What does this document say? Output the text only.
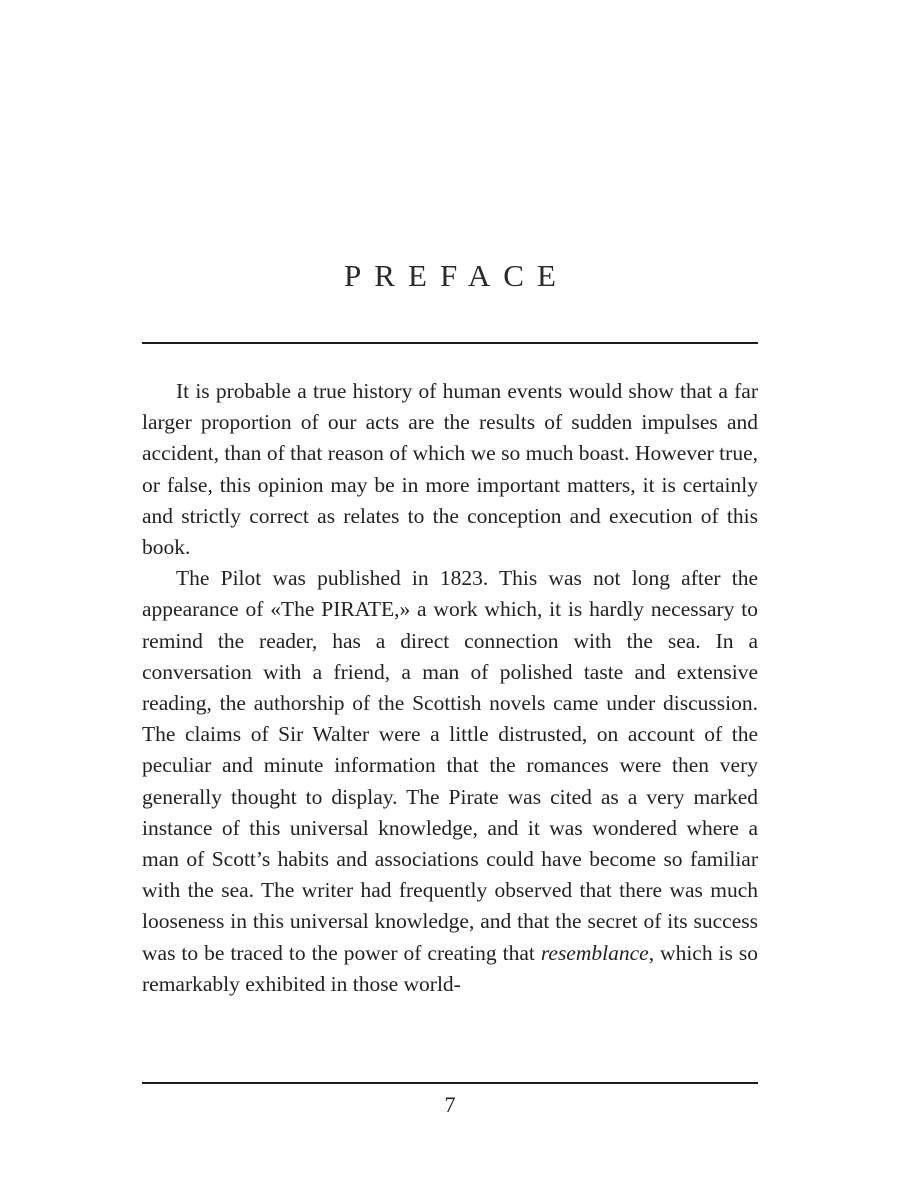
PREFACE

It is probable a true history of human events would show that a far larger proportion of our acts are the results of sudden impulses and accident, than of that reason of which we so much boast. However true, or false, this opinion may be in more important matters, it is certainly and strictly correct as relates to the conception and execution of this book.

The Pilot was published in 1823. This was not long after the appearance of «The PIRATE,» a work which, it is hardly necessary to remind the reader, has a direct connection with the sea. In a conversation with a friend, a man of polished taste and extensive reading, the authorship of the Scottish novels came under discussion. The claims of Sir Walter were a little distrusted, on account of the peculiar and minute information that the romances were then very generally thought to display. The Pirate was cited as a very marked instance of this universal knowledge, and it was wondered where a man of Scott’s habits and associations could have become so familiar with the sea. The writer had frequently observed that there was much looseness in this universal knowledge, and that the secret of its success was to be traced to the power of creating that resemblance, which is so remarkably exhibited in those world-

7
